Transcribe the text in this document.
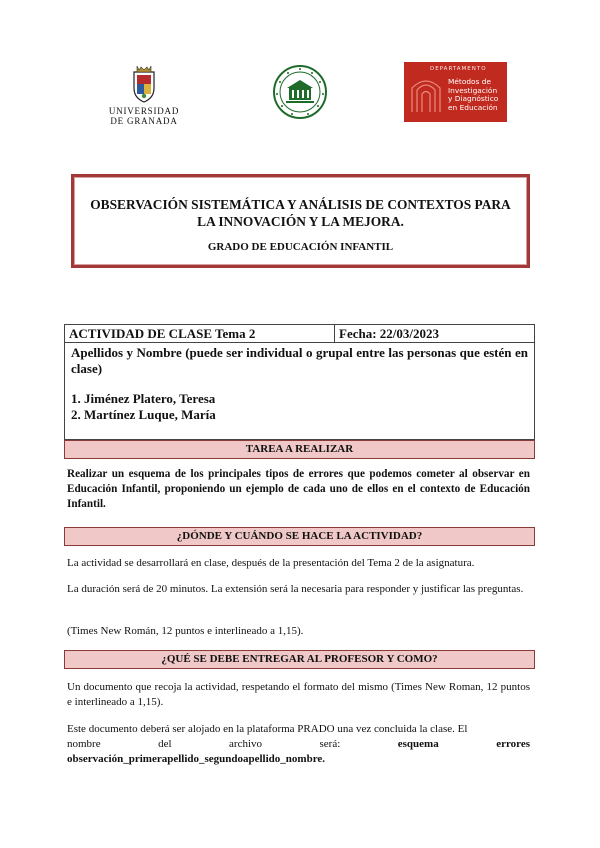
UNIVERSIDAD
DE GRANADA
DEPARTAMENTO
Métodos de
Investigación
y Diagnóstico
en Educación
OBSERVACIÓN SISTEMÁTICA Y ANÁLISIS DE CONTEXTOS PARA
LA INNOVACIÓN Y LA MEJORA.
GRADO DE EDUCACIÓN INFANTIL
ACTIVIDAD DE CLASE Tema 2	Fecha: 22/03/2023
Apellidos y Nombre (puede ser individual o grupal entre las personas que estén en clase)
1. Jiménez Platero, Teresa
2. Martínez Luque, María
TAREA A REALIZAR
Realizar un esquema de los principales tipos de errores que podemos cometer al observar en Educación Infantil, proponiendo un ejemplo de cada uno de ellos en el contexto de Educación Infantil.
¿DÓNDE Y CUÁNDO SE HACE LA ACTIVIDAD?
La actividad se desarrollará en clase, después de la presentación del Tema 2 de la asignatura.
La duración será de 20 minutos. La extensión será la necesaria para responder y justificar las preguntas.
(Times New Román, 12 puntos e interlineado a 1,15).
¿QUÉ SE DEBE ENTREGAR AL PROFESOR Y COMO?
Un documento que recoja la actividad, respetando el formato del mismo (Times New Roman, 12 puntos e interlineado a 1,15).
Este documento deberá ser alojado en la plataforma PRADO una vez concluida la clase. El
nombre	del	archivo	será:	esquema	errores
observación_primerapellido_segundoapellido_nombre.
